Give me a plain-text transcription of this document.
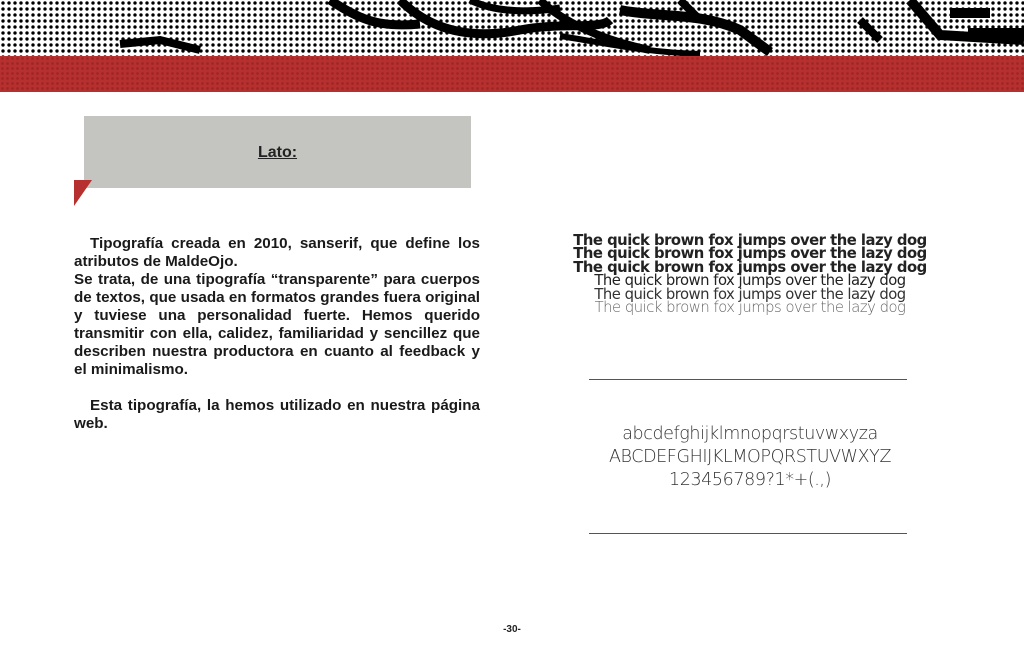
Lato:

Tipografía creada en 2010, sanserif, que define los atributos de MaldeOjo.

Se trata, de una tipografía “transparente” para cuerpos de textos, que usada en formatos grandes fuera original y tuviese una personalidad fuerte. Hemos querido transmitir con ella, calidez, familiaridad y sencillez que describen nuestra productora en cuanto al feedback y el minimalismo.

Esta tipografía, la hemos utilizado en nuestra página web.

The quick brown fox jumps over the lazy dog
The quick brown fox jumps over the lazy dog
The quick brown fox jumps over the lazy dog
The quick brown fox jumps over the lazy dog
The quick brown fox jumps over the lazy dog
The quick brown fox jumps over the lazy dog
abcdefghijklmnopqrstuvwxyza
ABCDEFGHIJKLMOPQRSTUVWXYZ
123456789?1*+(.,)
-30-
